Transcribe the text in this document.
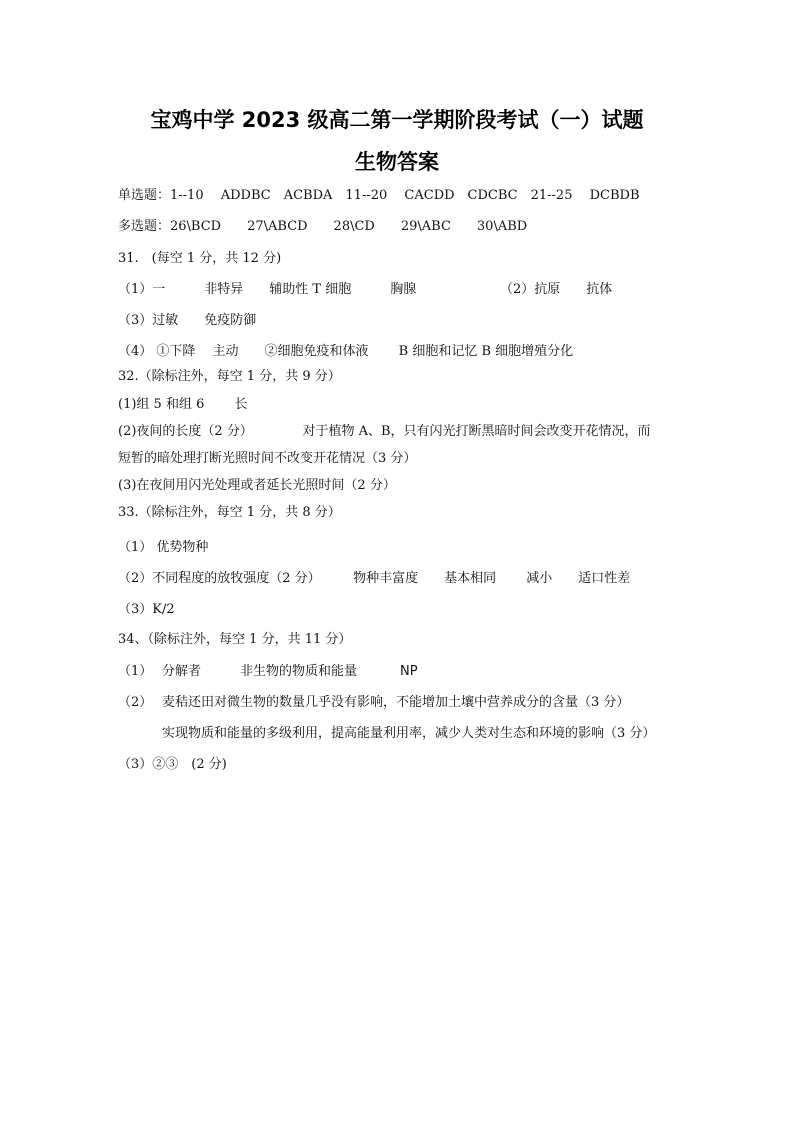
宝鸡中学 2023 级高二第一学期阶段考试（一）试题
生物答案
单选题：1--10　 ADDBC　ACBDA　11--20　 CACDD　CDCBC　21--25　 DCBDB
多选题：26\BCD　　27\ABCD　　28\CD　　29\ABC　　30\ABD
31.　(每空 1 分，共 12 分)
（1）一　　　非特异　　辅助性 T 细胞　　　胸腺	（2）抗原　　抗体
（3）过敏　　免疫防御
（4） ①下降　 主动　　②细胞免疫和体液　　 B 细胞和记忆 B 细胞增殖分化
32.（除标注外，每空 1 分，共 9 分）
(1)组 5 和组 6　　 长
(2)夜间的长度（2 分）　　　　 对于植物 A、B，只有闪光打断黑暗时间会改变开花情况，而
短暂的暗处理打断光照时间不改变开花情况（3 分）
(3)在夜间用闪光处理或者延长光照时间（2 分）
33.（除标注外，每空 1 分，共 8 分）
（1） 优势物种
（2）不同程度的放牧强度（2 分）　　　物种丰富度　　基本相同　　 减小　　适口性差
（3）K/2
34、（除标注外，每空 1 分，共 11 分）
（1） 分解者	非生物的物质和能量	NP
（2） 麦秸还田对微生物的数量几乎没有影响，不能增加土壤中营养成分的含量（3 分）
实现物质和能量的多级利用，提高能量利用率，减少人类对生态和环境的影响（3 分）
（3）②③　(2 分)
